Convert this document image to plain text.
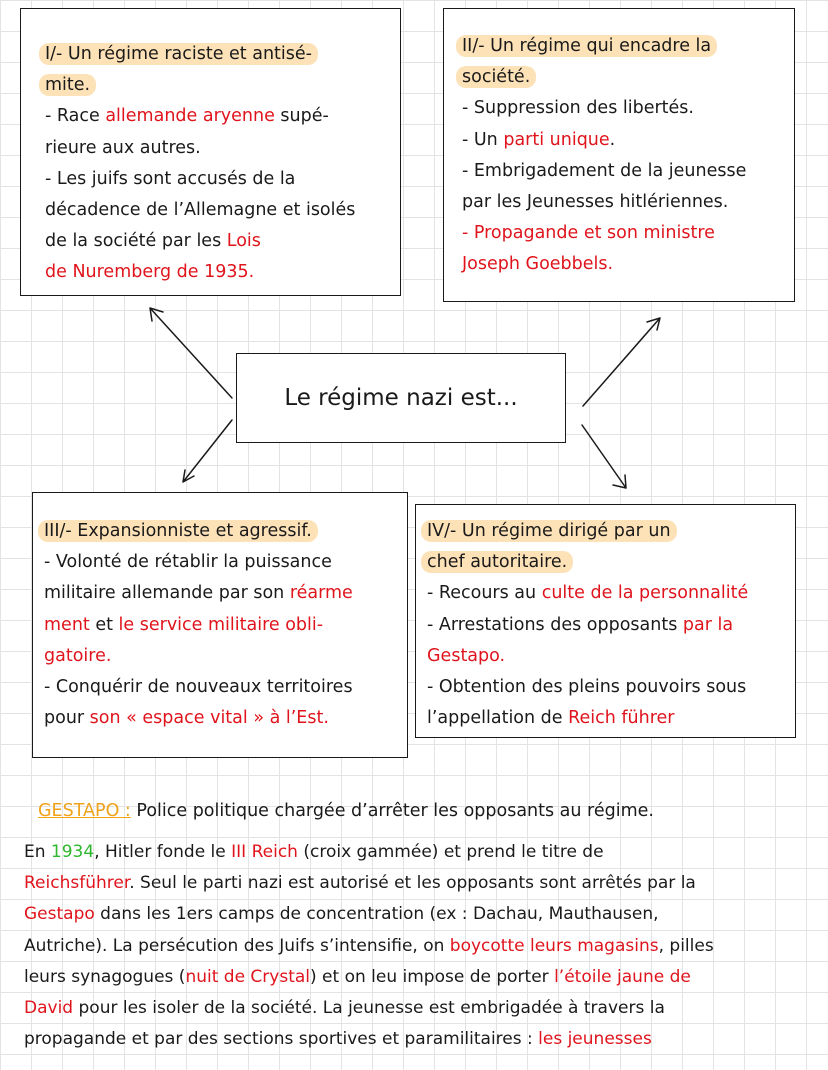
I/- Un régime raciste et antisé-
mite.
- Race allemande aryenne supé-
rieure aux autres.
- Les juifs sont accusés de la
décadence de l’Allemagne et isolés
de la société par les Lois
de Nuremberg de 1935.
II/- Un régime qui encadre la
société.
- Suppression des libertés.
- Un parti unique.
- Embrigadement de la jeunesse
par les Jeunesses hitlériennes.
- Propagande et son ministre
Joseph Goebbels.
Le régime nazi est...
III/- Expansionniste et agressif.
- Volonté de rétablir la puissance
militaire allemande par son réarme
ment et le service militaire obli-
gatoire.
- Conquérir de nouveaux territoires
pour son « espace vital » à l’Est.
IV/- Un régime dirigé par un
chef autoritaire.
- Recours au culte de la personnalité
- Arrestations des opposants par la
Gestapo.
- Obtention des pleins pouvoirs sous
l’appellation de Reich führer
GESTAPO : Police politique chargée d’arrêter les opposants au régime.
En 1934, Hitler fonde le III Reich (croix gammée) et prend le titre de
Reichsführer. Seul le parti nazi est autorisé et les opposants sont arrêtés par la
Gestapo dans les 1ers camps de concentration (ex : Dachau, Mauthausen,
Autriche). La persécution des Juifs s’intensifie, on boycotte leurs magasins, pilles
leurs synagogues (nuit de Crystal) et on leu impose de porter l’étoile jaune de
David pour les isoler de la société. La jeunesse est embrigadée à travers la
propagande et par des sections sportives et paramilitaires : les jeunesses
